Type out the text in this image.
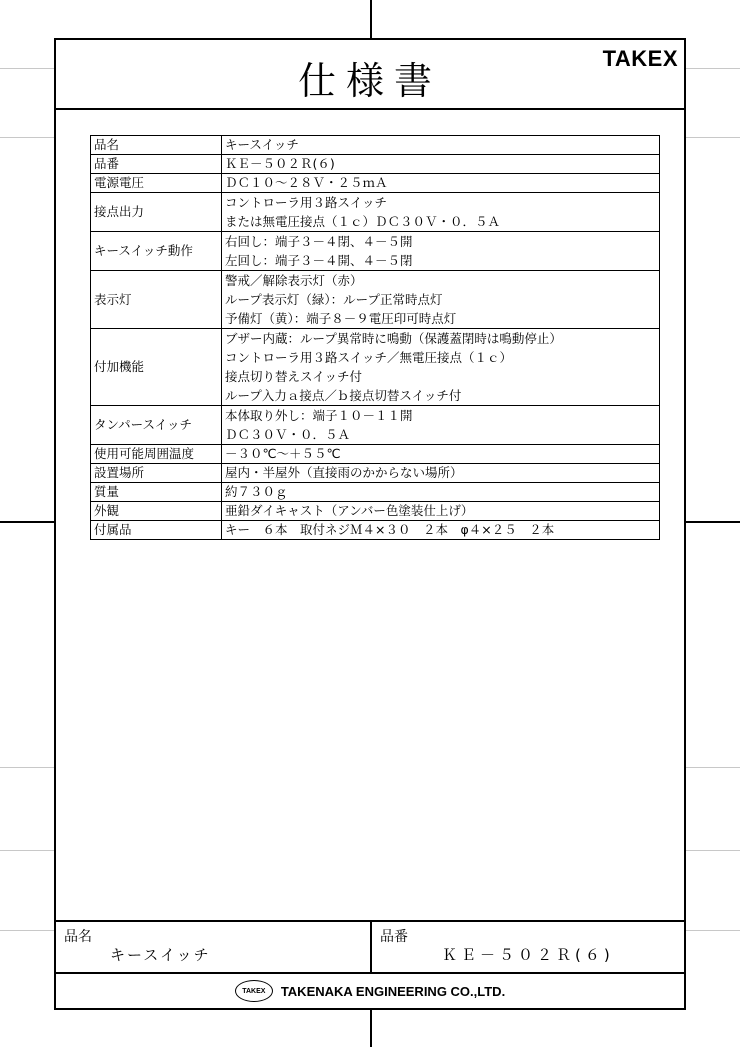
仕様書
TAKEX
品名	キースイッチ
品番	ＫＥ－５０２Ｒ(６)
電源電圧	ＤＣ１０～２８Ｖ・２５ｍＡ
接点出力	コントローラ用３路スイッチ
または無電圧接点（１ｃ）ＤＣ３０Ｖ・０．５Ａ

キースイッチ動作	右回し：端子３－４閉、４－５開
左回し：端子３－４開、４－５閉

表示灯	警戒／解除表示灯（赤）
ループ表示灯（緑）：ループ正常時点灯
予備灯（黄）：端子８－９電圧印可時点灯

付加機能	ブザー内蔵：ループ異常時に鳴動（保護蓋閉時は鳴動停止）
コントローラ用３路スイッチ／無電圧接点（１ｃ）
接点切り替えスイッチ付
ループ入力ａ接点／ｂ接点切替スイッチ付

タンパースイッチ	本体取り外し：端子１０－１１開
ＤＣ３０Ｖ・０．５Ａ

使用可能周囲温度	－３０℃～＋５５℃
設置場所	屋内・半屋外（直接雨のかからない場所）
質量	約７３０ｇ
外観	亜鉛ダイキャスト（アンバー色塗装仕上げ）
付属品	キー　６本　取付ネジＭ４×３０　２本　φ４×２５　２本
品名
キースイッチ
品番
ＫＥ－５０２Ｒ(６)
TAKEX	TAKENAKA ENGINEERING CO.,LTD.
